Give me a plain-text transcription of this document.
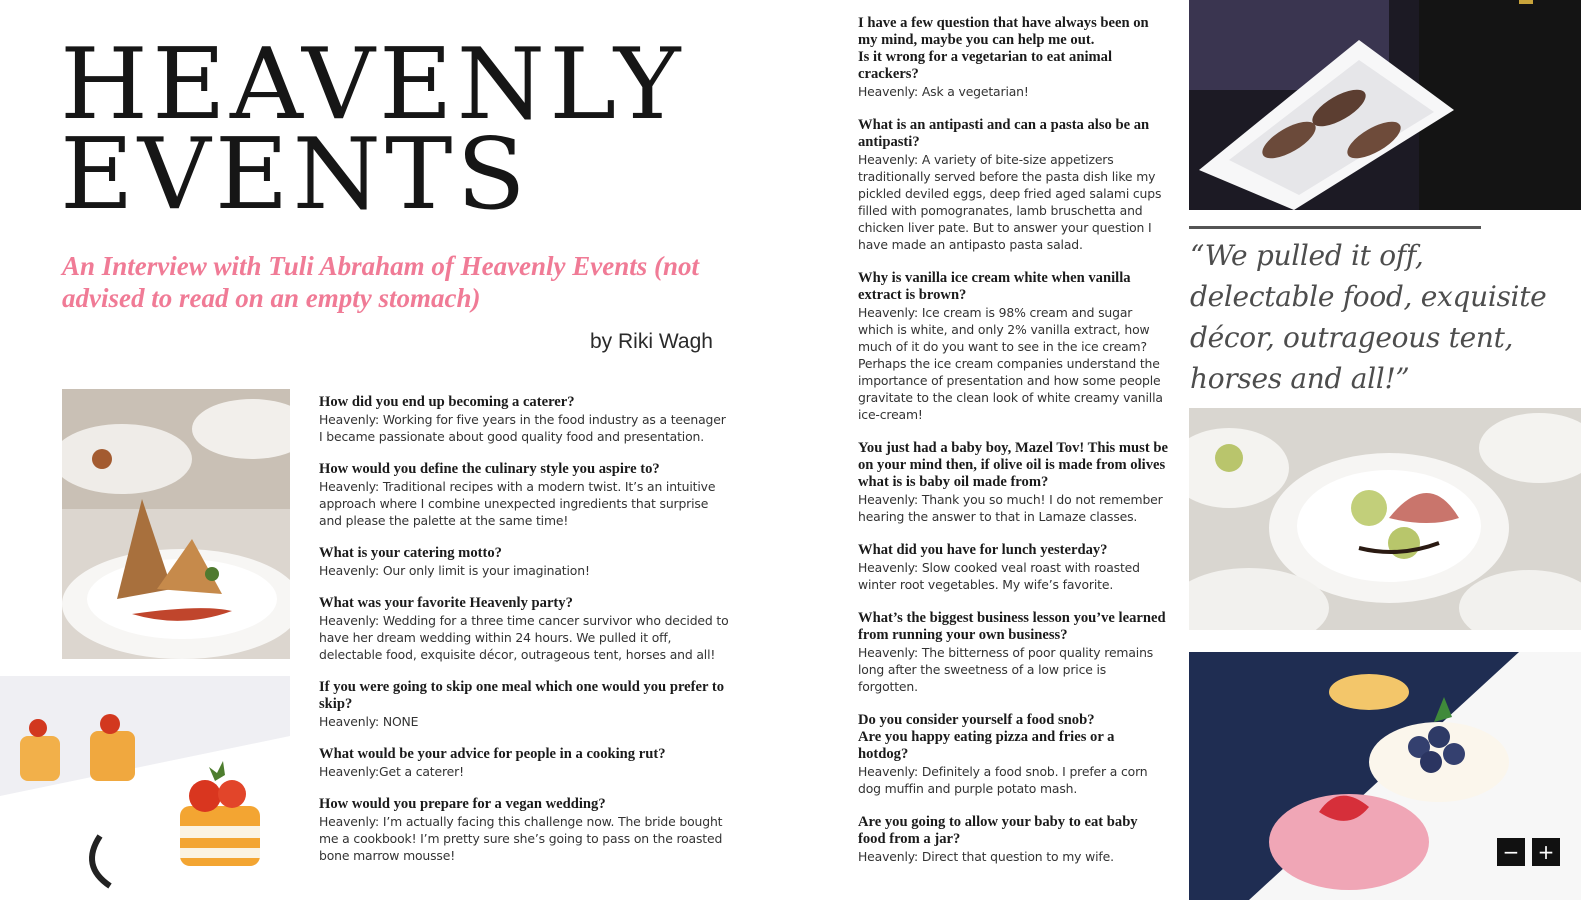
HEAVENLY
EVENTS

An Interview with Tuli Abraham of Heavenly Events (not advised to read on an empty stomach)

by Riki Wagh
How did you end up becoming a caterer?
Heavenly: Working for five years in the food industry as a teenager I became passionate about good quality food and presentation.
How would you define the culinary style you aspire to?
Heavenly: Traditional recipes with a modern twist. It’s an intuitive approach where I combine unexpected ingredients that surprise and please the palette at the same time!
What is your catering motto?
Heavenly: Our only limit is your imagination!
What was your favorite Heavenly party?
Heavenly: Wedding for a three time cancer survivor who decided to have her dream wedding within 24 hours. We pulled it off, delectable food, exquisite décor, outrageous tent, horses and all!
If you were going to skip one meal which one would you prefer to skip?
Heavenly: NONE
What would be your advice for people in a cooking rut?
Heavenly:Get a caterer!
How would you prepare for a vegan wedding?
Heavenly: I’m actually facing this challenge now. The bride bought me a cookbook! I’m pretty sure she’s going to pass on the roasted bone marrow mousse!
I have a few question that have always been on my mind, maybe you can help me out.
Is it wrong for a vegetarian to eat animal crackers?
Heavenly: Ask a vegetarian!
What is an antipasti and can a pasta also be an antipasti?
Heavenly: A variety of bite-size appetizers traditionally served before the pasta dish like my pickled deviled eggs, deep fried aged salami cups filled with pomogranates, lamb bruschetta and chicken liver pate. But to answer your question I have made an antipasto pasta salad.
Why is vanilla ice cream white when vanilla extract is brown?
Heavenly: Ice cream is 98% cream and sugar which is white, and only 2% vanilla extract, how much of it do you want to see in the ice cream? Perhaps the ice cream companies understand the importance of presentation and how some people gravitate to the clean look of white creamy vanilla ice-cream!
You just had a baby boy, Mazel Tov! This must be on your mind then, if olive oil is made from olives what is is baby oil made from?
Heavenly: Thank you so much! I do not remember hearing the answer to that in Lamaze classes.
What did you have for lunch yesterday?
Heavenly: Slow cooked veal roast with roasted winter root vegetables. My wife’s favorite.
What’s the biggest business lesson you’ve learned from running your own business?
Heavenly: The bitterness of poor quality remains long after the sweetness of a low price is forgotten.
Do you consider yourself a food snob?
Are you happy eating pizza and fries or a hotdog?
Heavenly: Definitely a food snob. I prefer a corn dog muffin and purple potato mash.
Are you going to allow your baby to eat baby food from a jar?
Heavenly: Direct that question to my wife.

“We pulled it off, delectable food, exquisite décor, outrageous tent, horses and all!”

− +
